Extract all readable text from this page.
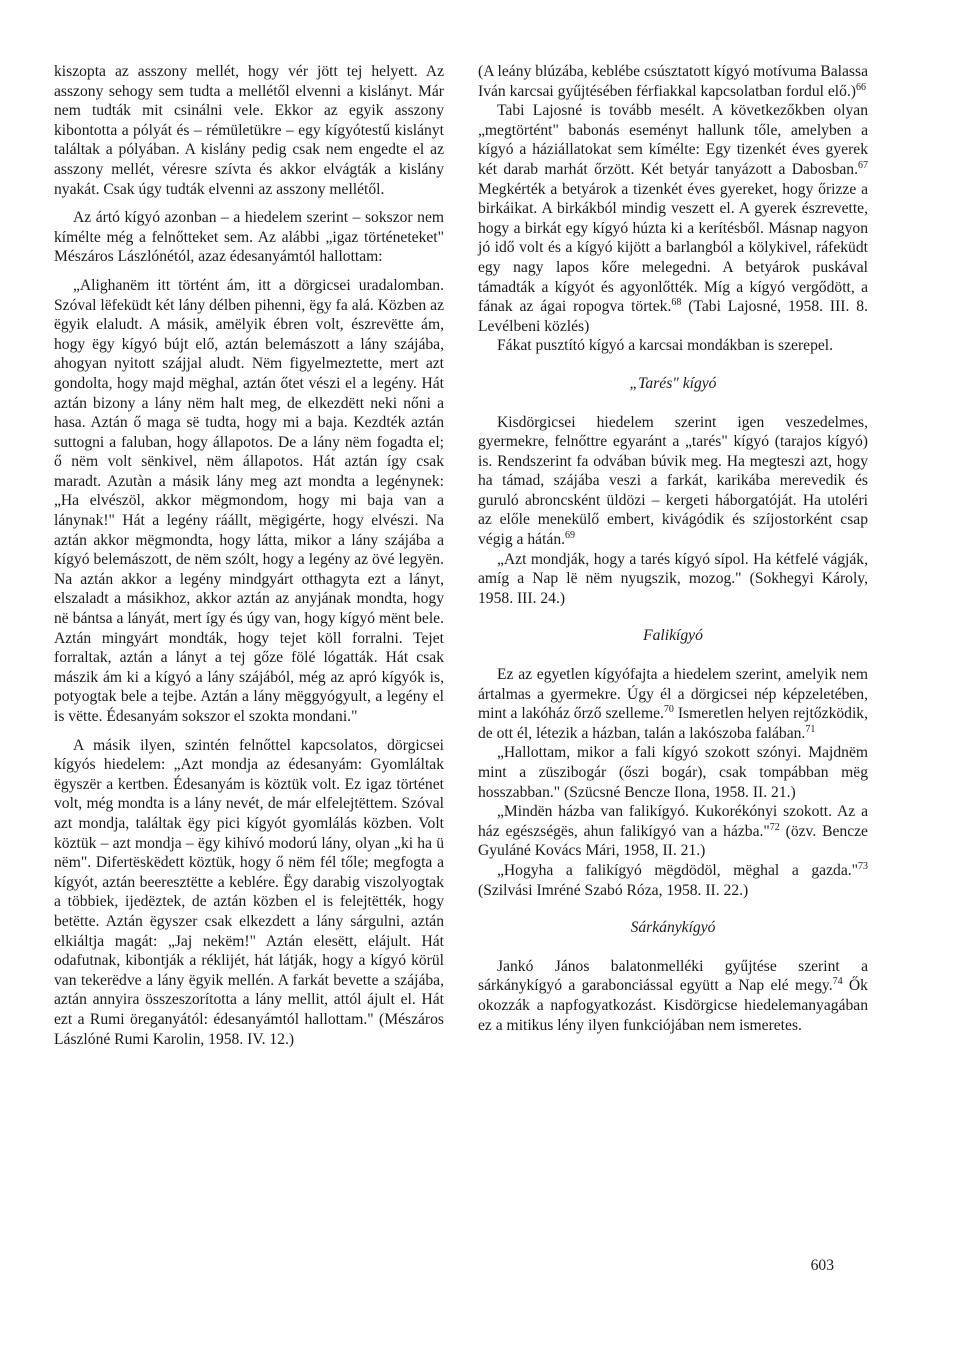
kiszopta az asszony mellét, hogy vér jött tej helyett. Az asszony sehogy sem tudta a mellétől elvenni a kislányt. Már nem tudták mit csinálni vele. Ekkor az egyik asszony kibontotta a pólyát és – rémületükre – egy kígyótestű kislányt találtak a pólyában. A kislány pedig csak nem engedte el az asszony mellét, véresre szívta és akkor elvágták a kislány nyakát. Csak úgy tudták elvenni az asszony mellétől.

Az ártó kígyó azonban – a hiedelem szerint – sokszor nem kímélte még a felnőtteket sem. Az alábbi „igaz történeteket" Mészáros Lászlónétól, azaz édesanyámtól hallottam:

„Alighanëm itt történt ám, itt a dörgicsei uradalomban. Szóval lëfeküdt két lány délben pihenni, ëgy fa alá. Közben az ëgyik elaludt. A másik, amëlyik ébren volt, észrevëtte ám, hogy ëgy kígyó bújt elő, aztán belemászott a lány szájába, ahogyan nyitott szájjal aludt. Nëm figyelmeztette, mert azt gondolta, hogy majd mëghal, aztán őtet vészi el a legény. Hát aztán bizony a lány nëm halt meg, de elkezdëtt neki nőni a hasa. Aztán ő maga së tudta, hogy mi a baja. Kezdték aztán suttogni a faluban, hogy állapotos. De a lány nëm fogadta el; ő nëm volt sënkivel, nëm állapotos. Hát aztán így csak maradt. Azutàn a másik lány meg azt mondta a legénynek: „Ha elvészöl, akkor mëgmondom, hogy mi baja van a lánynak!" Hát a legény ráállt, mëgigérte, hogy elvészi. Na aztán akkor mëgmondta, hogy látta, mikor a lány szájába a kígyó belemászott, de nëm szólt, hogy a legény az övé legyën. Na aztán akkor a legény mindgyárt otthagyta ezt a lányt, elszaladt a másikhoz, akkor aztán az anyjának mondta, hogy në bántsa a lányát, mert így és úgy van, hogy kígyó mënt bele. Aztán mingyárt mondták, hogy tejet köll forralni. Tejet forraltak, aztán a lányt a tej gőze fölé lógatták. Hát csak mászik ám ki a kígyó a lány szájából, még az apró kígyók is, potyogtak bele a tejbe. Aztán a lány mëggyógyult, a legény el is vëtte. Édesanyám sokszor el szokta mondani."

A másik ilyen, szintén felnőttel kapcsolatos, dörgicsei kígyós hiedelem: „Azt mondja az édesanyám: Gyomláltak ëgyszër a kertben. Édesanyám is köztük volt. Ez igaz történet volt, még mondta is a lány nevét, de már elfelejtëttem. Szóval azt mondja, találtak ëgy pici kígyót gyomlálás közben. Volt köztük – azt mondja – ëgy kihívó modorú lány, olyan „ki ha ü nëm". Difertëskëdett köztük, hogy ő nëm fél tőle; megfogta a kígyót, aztán beeresztëtte a keblére. Ëgy darabig viszolyogtak a többiek, ijedëztek, de aztán közben el is felejtëtték, hogy betëtte. Aztán ëgyszer csak elkezdett a lány sárgulni, aztán elkiáltja magát: „Jaj nekëm!" Aztán elesëtt, elájult. Hát odafutnak, kibontják a réklijét, hát látják, hogy a kígyó körül van tekerëdve a lány ëgyik mellén. A farkát bevette a szájába, aztán annyira összeszorította a lány mellit, attól ájult el. Hát ezt a Rumi öreganyától: édesanyámtól hallottam." (Mészáros Lászlóné Rumi Karolin, 1958. IV. 12.)

(A leány blúzába, keblébe csúsztatott kígyó motívuma Balassa Iván karcsai gyűjtésében férfiakkal kapcsolatban fordul elő.)$^{66}$

Tabi Lajosné is tovább mesélt. A következőkben olyan „megtörtént" babonás eseményt hallunk tőle, amelyben a kígyó a háziállatokat sem kímélte: Egy tizenkét éves gyerek két darab marhát őrzött. Két betyár tanyázott a Dabosban.$^{67}$ Megkérték a betyárok a tizenkét éves gyereket, hogy őrizze a birkáikat. A birkákból mindig veszett el. A gyerek észrevette, hogy a birkát egy kígyó húzta ki a kerítésből. Másnap nagyon jó idő volt és a kígyó kijött a barlangból a kölykivel, ráfeküdt egy nagy lapos kőre melegedni. A betyárok puskával támadták a kígyót és agyonlőtték. Míg a kígyó vergődött, a fának az ágai ropogva törtek.$^{68}$ (Tabi Lajosné, 1958. III. 8. Levélbeni közlés)

Fákat pusztító kígyó a karcsai mondákban is szerepel.

„Tarés" kígyó

Kisdörgicsei hiedelem szerint igen veszedelmes, gyermekre, felnőttre egyaránt a „tarés" kígyó (tarajos kígyó) is. Rendszerint fa odvában búvik meg. Ha megteszi azt, hogy ha támad, szájába veszi a farkát, karikába merevedik és guruló abroncsként üldözi – kergeti háborgatóját. Ha utoléri az előle menekülő embert, kivágódik és szíjostorként csap végig a hátán.$^{69}$

„Azt mondják, hogy a tarés kígyó sípol. Ha kétfelé vágják, amíg a Nap lë nëm nyugszik, mozog." (Sokhegyi Károly, 1958. III. 24.)

Falikígyó

Ez az egyetlen kígyófajta a hiedelem szerint, amelyik nem ártalmas a gyermekre. Úgy él a dörgicsei nép képzeletében, mint a lakóház őrző szelleme.$^{70}$ Ismeretlen helyen rejtőzködik, de ott él, létezik a házban, talán a lakószoba falában.$^{71}$

„Hallottam, mikor a fali kígyó szokott szónyi. Majdnëm mint a züszibogár (őszi bogár), csak tompábban mëg hosszabban." (Szücsné Bencze Ilona, 1958. II. 21.)

„Mindën házba van falikígyó. Kukorékónyi szokott. Az a ház egészségës, ahun falikígyó van a házba."$^{72}$ (özv. Bencze Gyuláné Kovács Mári, 1958, II. 21.)

„Hogyha a falikígyó mëgdödöl, mëghal a gazda."$^{73}$ (Szilvási Imréné Szabó Róza, 1958. II. 22.)

Sárkánykígyó

Jankó János balatonmelléki gyűjtése szerint a sárkánykígyó a garabonciással együtt a Nap elé megy.$^{74}$ Ők okozzák a napfogyatkozást. Kisdörgicse hiedelemanyagában ez a mitikus lény ilyen funkciójában nem ismeretes.

603
